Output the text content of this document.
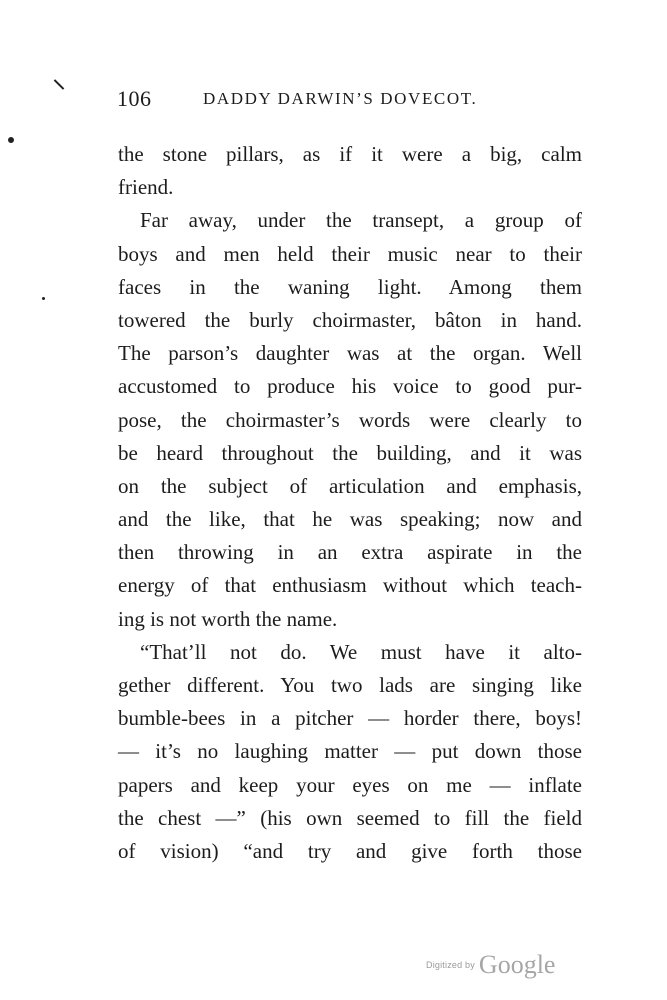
106	DADDY DARWIN’S DOVECOT.
the stone pillars, as if it were a big, calm
friend.
Far away, under the transept, a group of
boys and men held their music near to their
faces in the waning light. Among them
towered the burly choirmaster, bâton in hand.
The parson’s daughter was at the organ. Well
accustomed to produce his voice to good pur-
pose, the choirmaster’s words were clearly to
be heard throughout the building, and it was
on the subject of articulation and emphasis,
and the like, that he was speaking; now and
then throwing in an extra aspirate in the
energy of that enthusiasm without which teach-
ing is not worth the name.
“That’ll not do. We must have it alto-
gether different. You two lads are singing like
bumble-bees in a pitcher — horder there, boys!
— it’s no laughing matter — put down those
papers and keep your eyes on me — inflate
the chest —” (his own seemed to fill the field
of vision) “and try and give forth those
Digitized by Google
